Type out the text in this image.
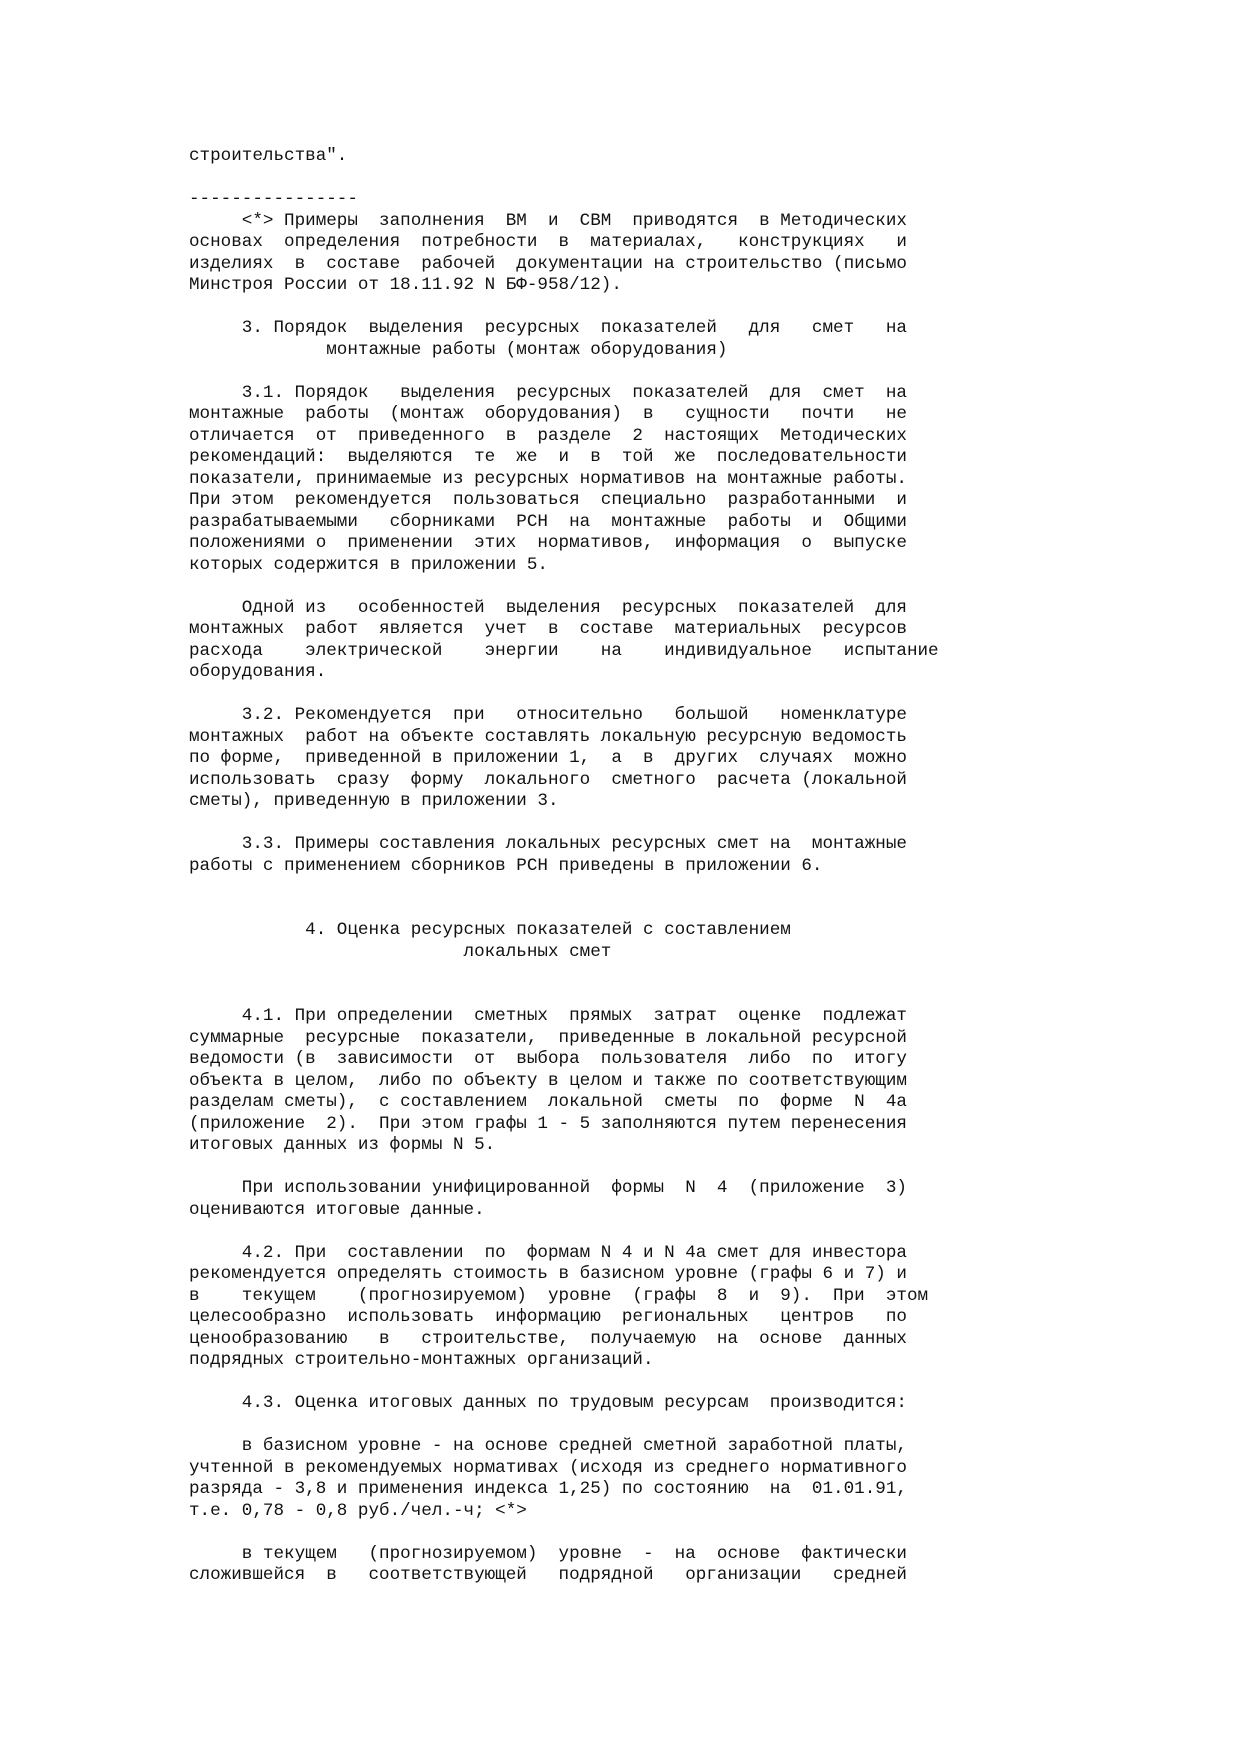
строительства".
----------------
<*> Примеры  заполнения  ВМ  и  СВМ  приводятся  в Методических
основах  определения  потребности  в  материалах,   конструкциях   и
изделиях  в  составе  рабочей  документации на строительство (письмо
Минстроя России от 18.11.92 N БФ-958/12).
3. Порядок  выделения  ресурсных  показателей   для   смет   на
монтажные работы (монтаж оборудования)
3.1. Порядок   выделения  ресурсных  показателей  для  смет  на
монтажные  работы  (монтаж  оборудования)  в   сущности   почти   не
отличается  от  приведенного  в  разделе  2  настоящих  Методических
рекомендаций:  выделяются  те  же  и  в  той  же  последовательности
показатели, принимаемые из ресурсных нормативов на монтажные работы.
При этом  рекомендуется  пользоваться  специально  разработанными  и
разрабатываемыми   сборниками  РСН  на  монтажные  работы  и  Общими
положениями о  применении  этих  нормативов,  информация  о  выпуске
которых содержится в приложении 5.
Одной из   особенностей  выделения  ресурсных  показателей  для
монтажных  работ  является  учет  в  составе  материальных  ресурсов
расхода    электрической    энергии    на    индивидуальное   испытание
оборудования.
3.2. Рекомендуется  при   относительно   большой   номенклатуре
монтажных  работ на объекте составлять локальную ресурсную ведомость
по форме,  приведенной в приложении 1,  а  в  других  случаях  можно
использовать  сразу  форму  локального  сметного  расчета (локальной
сметы), приведенную в приложении 3.
3.3. Примеры составления локальных ресурсных смет на  монтажные
работы с применением сборников РСН приведены в приложении 6.
4. Оценка ресурсных показателей с составлением
локальных смет
4.1. При определении  сметных  прямых  затрат  оценке  подлежат
суммарные  ресурсные  показатели,  приведенные в локальной ресурсной
ведомости (в  зависимости  от  выбора  пользователя  либо  по  итогу
объекта в целом,  либо по объекту в целом и также по соответствующим
разделам сметы),  с составлением  локальной  сметы  по  форме  N  4а
(приложение  2).  При этом графы 1 - 5 заполняются путем перенесения
итоговых данных из формы N 5.
При использовании унифицированной  формы  N  4  (приложение  3)
оцениваются итоговые данные.
4.2. При  составлении  по  формам N 4 и N 4а смет для инвестора
рекомендуется определять стоимость в базисном уровне (графы 6 и 7) и
в    текущем    (прогнозируемом)  уровне  (графы  8  и  9).  При  этом
целесообразно  использовать  информацию  региональных   центров   по
ценообразованию   в   строительстве,  получаемую  на  основе  данных
подрядных строительно-монтажных организаций.
4.3. Оценка итоговых данных по трудовым ресурсам  производится:
в базисном уровне - на основе средней сметной заработной платы,
учтенной в рекомендуемых нормативах (исходя из среднего нормативного
разряда - 3,8 и применения индекса 1,25) по состоянию  на  01.01.91,
т.е. 0,78 - 0,8 руб./чел.-ч; <*>
в текущем   (прогнозируемом)  уровне  -  на  основе  фактически
сложившейся  в   соответствующей   подрядной   организации   средней
